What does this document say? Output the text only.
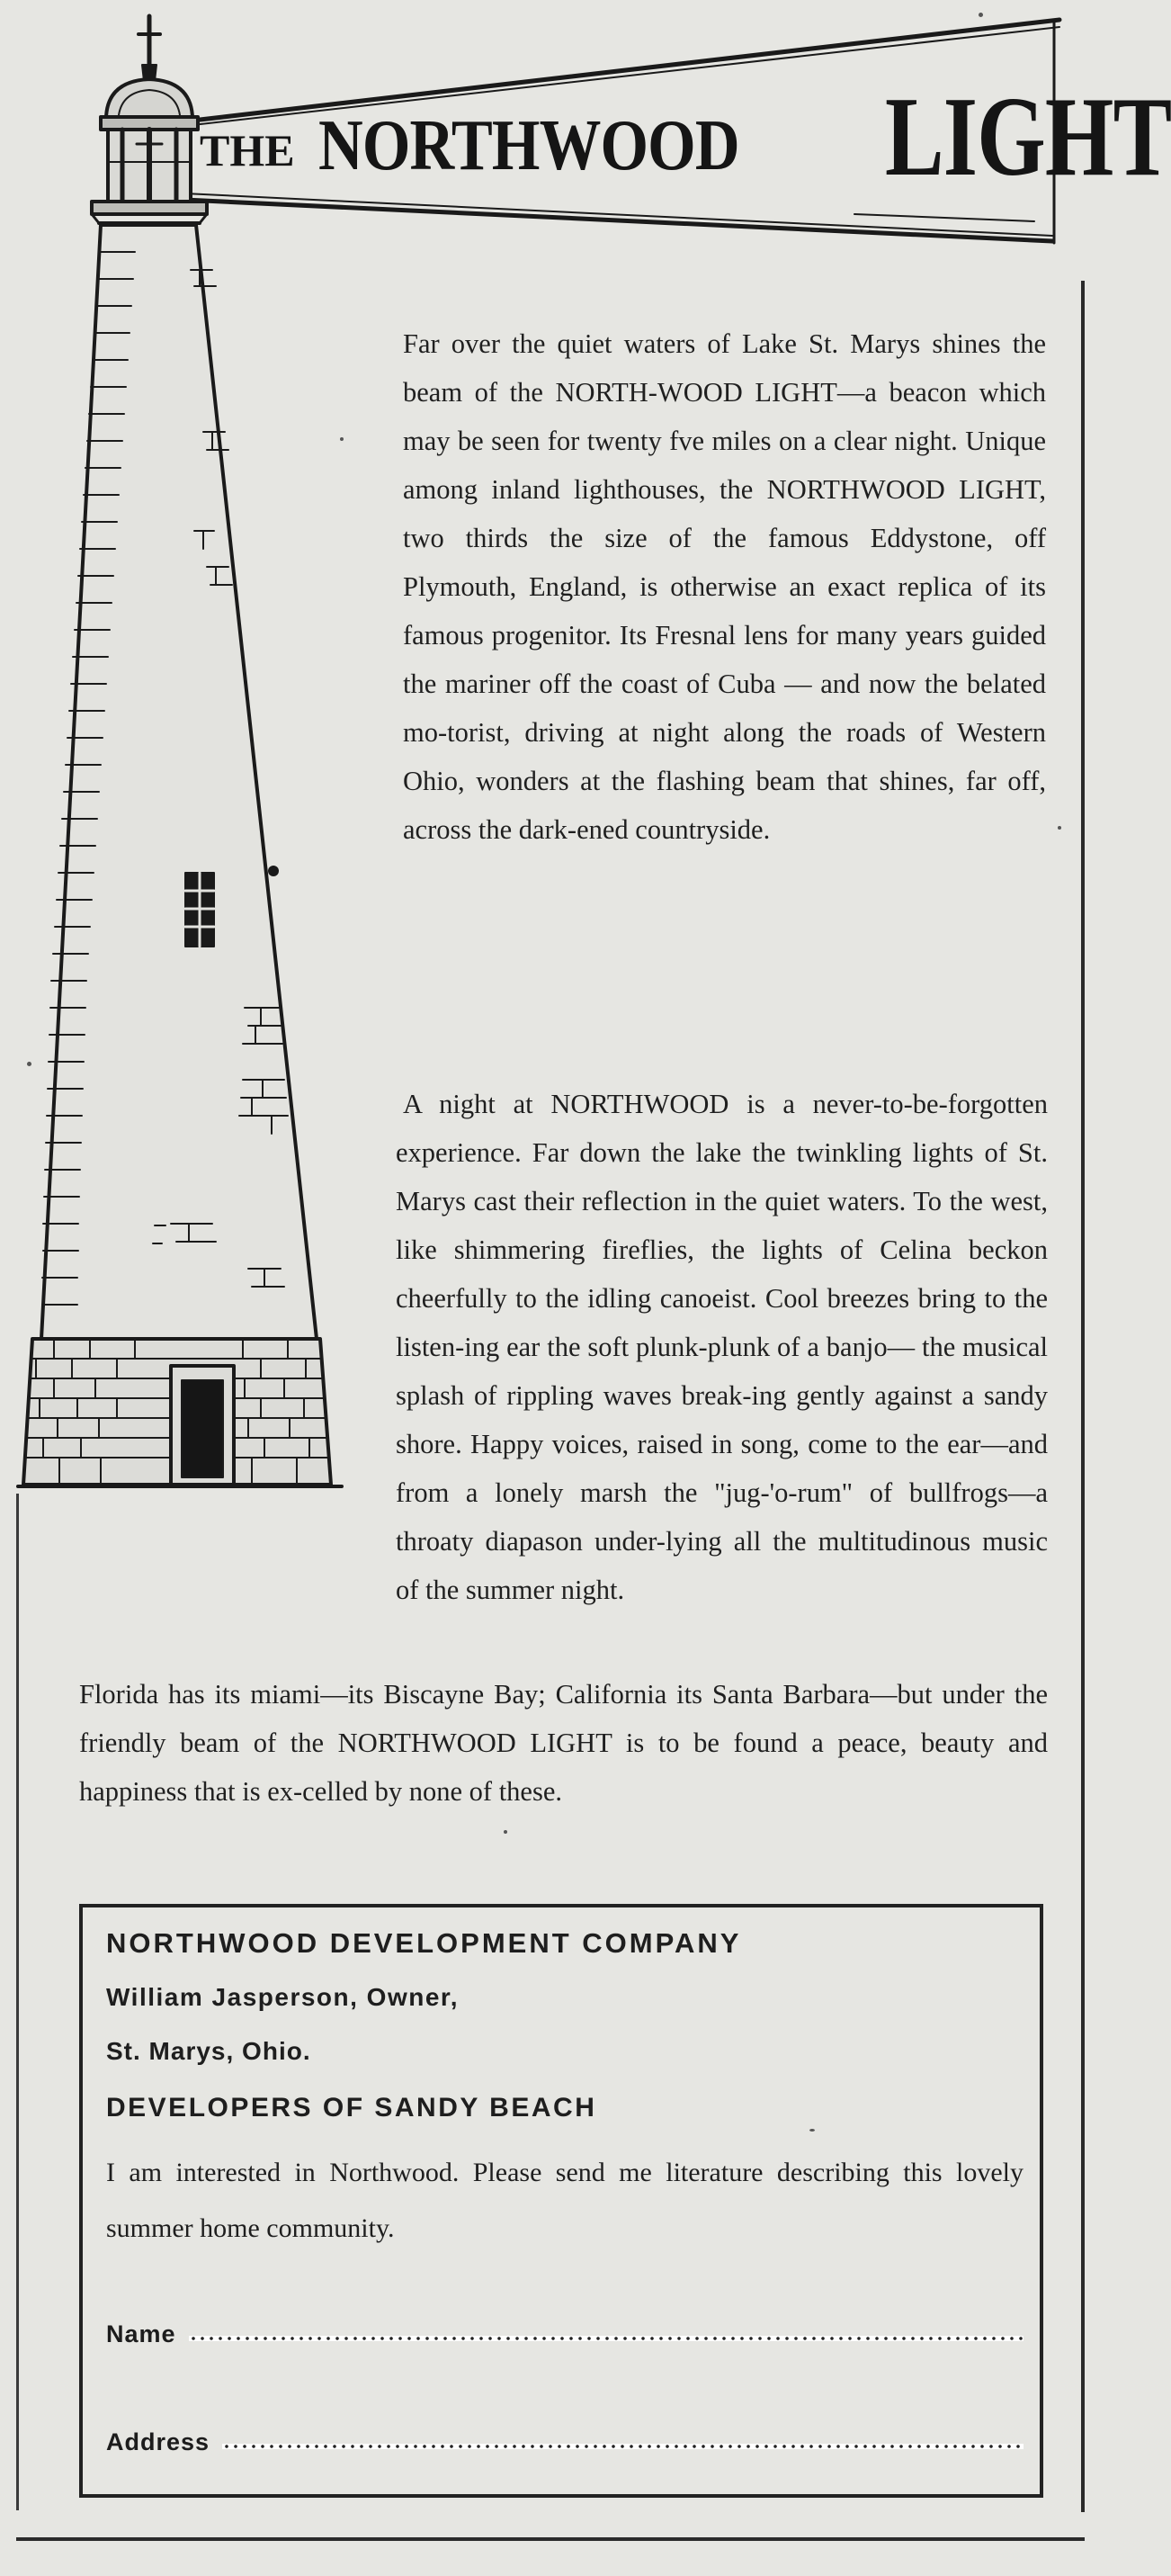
THE NORTHWOOD LIGHT

Far over the quiet waters of Lake St. Marys shines the beam of the NORTH-WOOD LIGHT—a beacon which may be seen for twenty fve miles on a clear night. Unique among inland lighthouses, the NORTHWOOD LIGHT, two thirds the size of the famous Eddystone, off Plymouth, England, is otherwise an exact replica of its famous progenitor. Its Fresnal lens for many years guided the mariner off the coast of Cuba — and now the belated mo-torist, driving at night along the roads of Western Ohio, wonders at the flashing beam that shines, far off, across the dark-ened countryside.

A night at NORTHWOOD is a never-to-be-forgotten experience. Far down the lake the twinkling lights of St. Marys cast their reflection in the quiet waters. To the west, like shimmering fireflies, the lights of Celina beckon cheerfully to the idling canoeist. Cool breezes bring to the listen-ing ear the soft plunk-plunk of a banjo— the musical splash of rippling waves break-ing gently against a sandy shore. Happy voices, raised in song, come to the ear—and from a lonely marsh the "jug-'o-rum" of bullfrogs—a throaty diapason under-lying all the multitudinous music of the summer night.

Florida has its miami—its Biscayne Bay; California its Santa Barbara—but under the friendly beam of the NORTHWOOD LIGHT is to be found a peace, beauty and happiness that is ex-celled by none of these.

NORTHWOOD DEVELOPMENT COMPANY

William Jasperson, Owner,

St. Marys, Ohio.

DEVELOPERS OF SANDY BEACH

I am interested in Northwood. Please send me literature describing this lovely summer home community.

Name
Address
